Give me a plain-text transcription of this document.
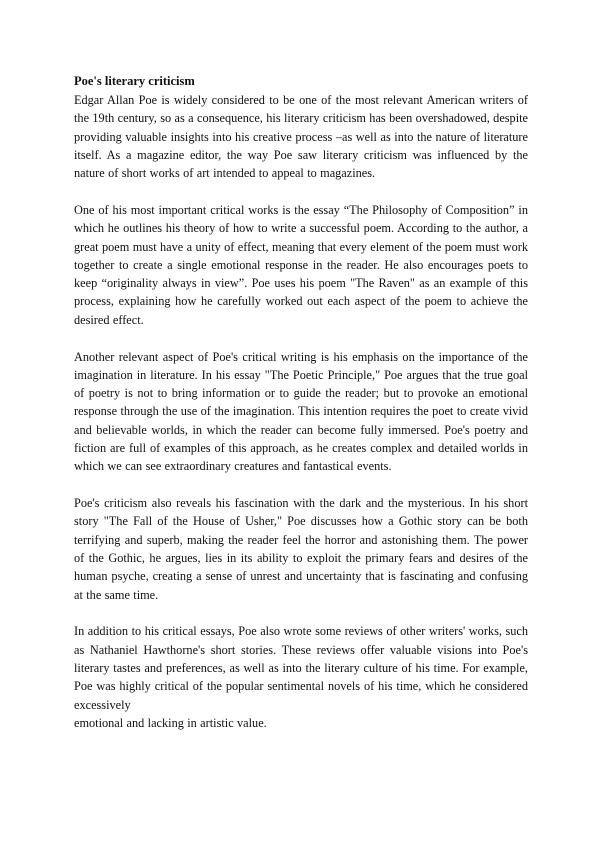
Poe's literary criticism

Edgar Allan Poe is widely considered to be one of the most relevant American writers of the 19th century, so as a consequence, his literary criticism has been overshadowed, despite providing valuable insights into his creative process –as well as into the nature of literature itself. As a magazine editor, the way Poe saw literary criticism was influenced by the nature of short works of art intended to appeal to magazines.

One of his most important critical works is the essay “The Philosophy of Composition” in which he outlines his theory of how to write a successful poem. According to the author, a great poem must have a unity of effect, meaning that every element of the poem must work together to create a single emotional response in the reader. He also encourages poets to keep “originality always in view”. Poe uses his poem "The Raven" as an example of this process, explaining how he carefully worked out each aspect of the poem to achieve the desired effect.

Another relevant aspect of Poe's critical writing is his emphasis on the importance of the imagination in literature. In his essay "The Poetic Principle," Poe argues that the true goal of poetry is not to bring information or to guide the reader; but to provoke an emotional response through the use of the imagination. This intention requires the poet to create vivid and believable worlds, in which the reader can become fully immersed. Poe's poetry and fiction are full of examples of this approach, as he creates complex and detailed worlds in which we can see extraordinary creatures and fantastical events.

Poe's criticism also reveals his fascination with the dark and the mysterious. In his short story "The Fall of the House of Usher," Poe discusses how a Gothic story can be both terrifying and superb, making the reader feel the horror and astonishing them. The power of the Gothic, he argues, lies in its ability to exploit the primary fears and desires of the human psyche, creating a sense of unrest and uncertainty that is fascinating and confusing at the same time.

In addition to his critical essays, Poe also wrote some reviews of other writers' works, such as Nathaniel Hawthorne's short stories. These reviews offer valuable visions into Poe's literary tastes and preferences, as well as into the literary culture of his time. For example, Poe was highly critical of the popular sentimental novels of his time, which he considered excessively
emotional and lacking in artistic value.
